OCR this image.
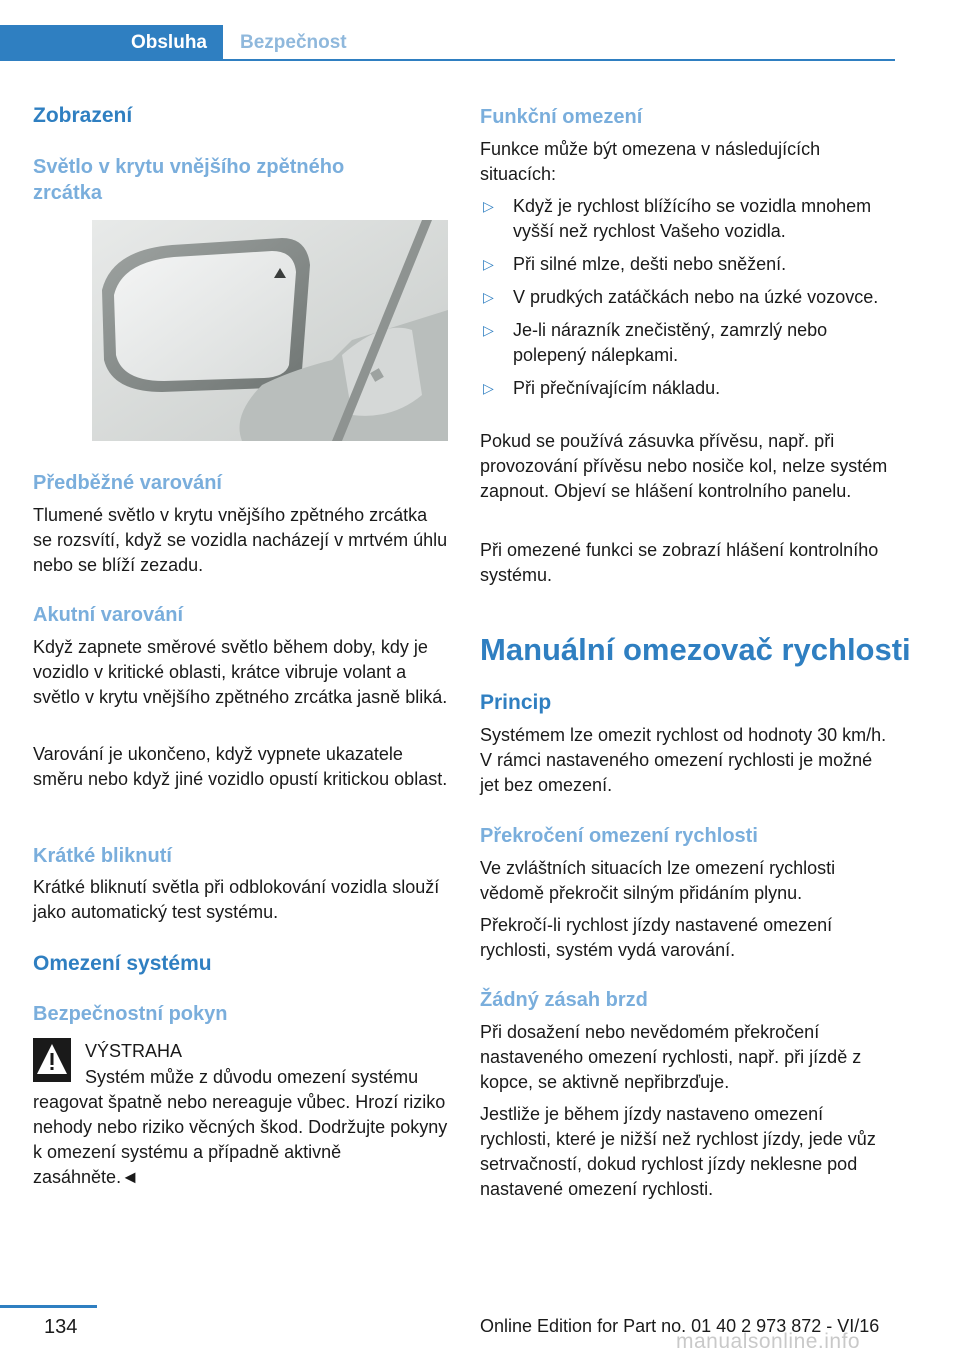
Obsluha	Bezpečnost
Zobrazení
Světlo v krytu vnějšího zpětného zrcátka
Předběžné varování

Tlumené světlo v krytu vnějšího zpětného zrcátka se rozsvítí, když se vozidla nacházejí v mrtvém úhlu nebo se blíží zezadu.

Akutní varování

Když zapnete směrové světlo během doby, kdy je vozidlo v kritické oblasti, krátce vibruje volant a světlo v krytu vnějšího zpětného zrcátka jasně bliká.

Varování je ukončeno, když vypnete ukazatele směru nebo když jiné vozidlo opustí kritickou oblast.

Krátké bliknutí

Krátké bliknutí světla při odblokování vozidla slouží jako automatický test systému.

Omezení systému
Bezpečnostní pokyn

VÝSTRAHA

Systém může z důvodu omezení systému reagovat špatně nebo nereaguje vůbec. Hrozí riziko nehody nebo riziko věcných škod. Dodržujte pokyny k omezení systému a případně aktivně zasáhněte.◄

Funkční omezení

Funkce může být omezena v následujících situacích:

▷ Když je rychlost blížícího se vozidla mnohem vyšší než rychlost Vašeho vozidla.
▷ Při silné mlze, dešti nebo sněžení.
▷ V prudkých zatáčkách nebo na úzké vozovce.
▷ Je-li nárazník znečistěný, zamrzlý nebo polepený nálepkami.
▷ Při přečnívajícím nákladu.

Pokud se používá zásuvka přívěsu, např. při provozování přívěsu nebo nosiče kol, nelze systém zapnout. Objeví se hlášení kontrolního panelu.

Při omezené funkci se zobrazí hlášení kontrolního systému.

Manuální omezovač rychlosti
Princip

Systémem lze omezit rychlost od hodnoty 30 km/h. V rámci nastaveného omezení rychlosti je možné jet bez omezení.

Překročení omezení rychlosti

Ve zvláštních situacích lze omezení rychlosti vědomě překročit silným přidáním plynu.

Překročí-li rychlost jízdy nastavené omezení rychlosti, systém vydá varování.

Žádný zásah brzd

Při dosažení nebo nevědomém překročení nastaveného omezení rychlosti, např. při jízdě z kopce, se aktivně nepřibrzďuje.

Jestliže je během jízdy nastaveno omezení rychlosti, které je nižší než rychlost jízdy, jede vůz setrvačností, dokud rychlost jízdy neklesne pod nastavené omezení rychlosti.

134	Online Edition for Part no. 01 40 2 973 872 - VI/16
manualsonline.info
